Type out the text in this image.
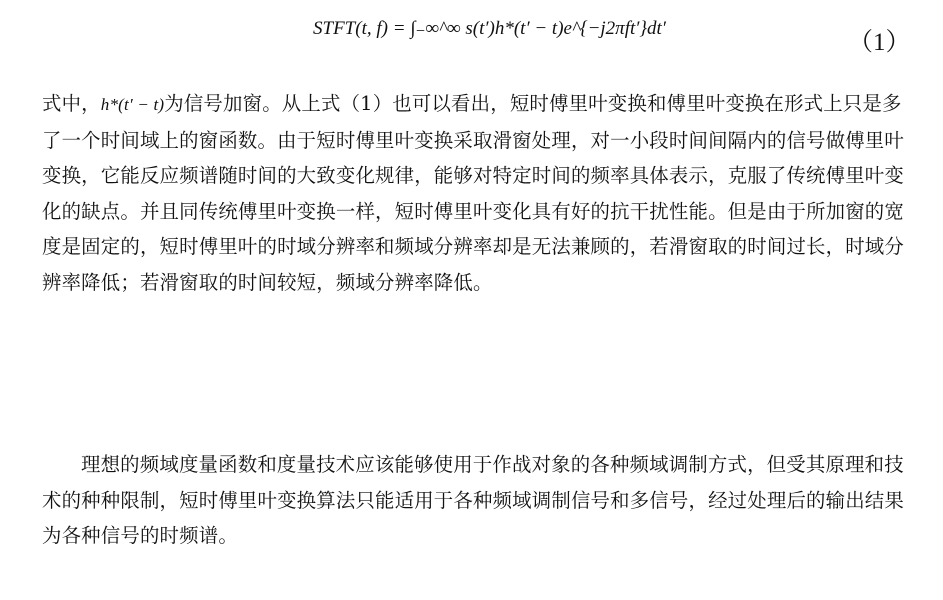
STFT(t, f) = ∫₋∞^∞ s(t′)h*(t′ − t)e^{−j2πft′}dt′
（1）

式中，h*(t′ − t)为信号加窗。从上式（1）也可以看出，短时傅里叶变换和傅里叶变换在形式上只是多了一个时间域上的窗函数。由于短时傅里叶变换采取滑窗处理，对一小段时间间隔内的信号做傅里叶变换，它能反应频谱随时间的大致变化规律，能够对特定时间的频率具体表示，克服了传统傅里叶变化的缺点。并且同传统傅里叶变换一样，短时傅里叶变化具有好的抗干扰性能。但是由于所加窗的宽度是固定的，短时傅里叶的时域分辨率和频域分辨率却是无法兼顾的，若滑窗取的时间过长，时域分辨率降低；若滑窗取的时间较短，频域分辨率降低。

理想的频域度量函数和度量技术应该能够使用于作战对象的各种频域调制方式，但受其原理和技术的种种限制，短时傅里叶变换算法只能适用于各种频域调制信号和多信号，经过处理后的输出结果为各种信号的时频谱。
